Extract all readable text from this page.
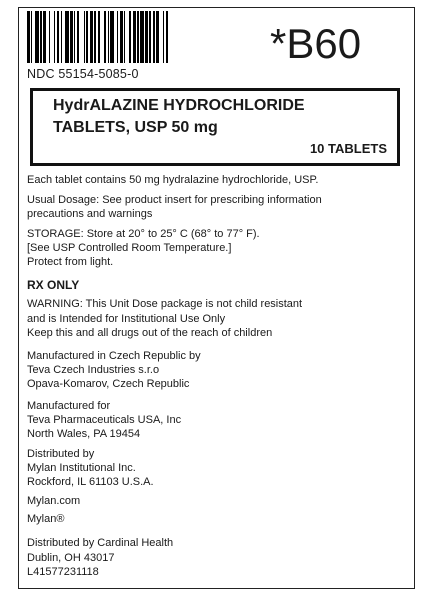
NDC 55154-5085-0
*B60
HydrALAZINE HYDROCHLORIDE
TABLETS, USP 50 mg
10 TABLETS
Each tablet contains 50 mg hydralazine hydrochloride, USP.
Usual Dosage: See product insert for prescribing information
precautions and warnings
STORAGE: Store at 20° to 25° C (68° to 77° F).
[See USP Controlled Room Temperature.]
Protect from light.
RX ONLY
WARNING: This Unit Dose package is not child resistant
and is Intended for Institutional Use Only
Keep this and all drugs out of the reach of children
Manufactured in Czech Republic by
Teva Czech Industries s.r.o
Opava-Komarov, Czech Republic
Manufactured for
Teva Pharmaceuticals USA, Inc
North Wales, PA 19454
Distributed by
Mylan Institutional Inc.
Rockford, IL 61103 U.S.A.
Mylan.com
Mylan®
Distributed by Cardinal Health
Dublin, OH 43017
L41577231118
